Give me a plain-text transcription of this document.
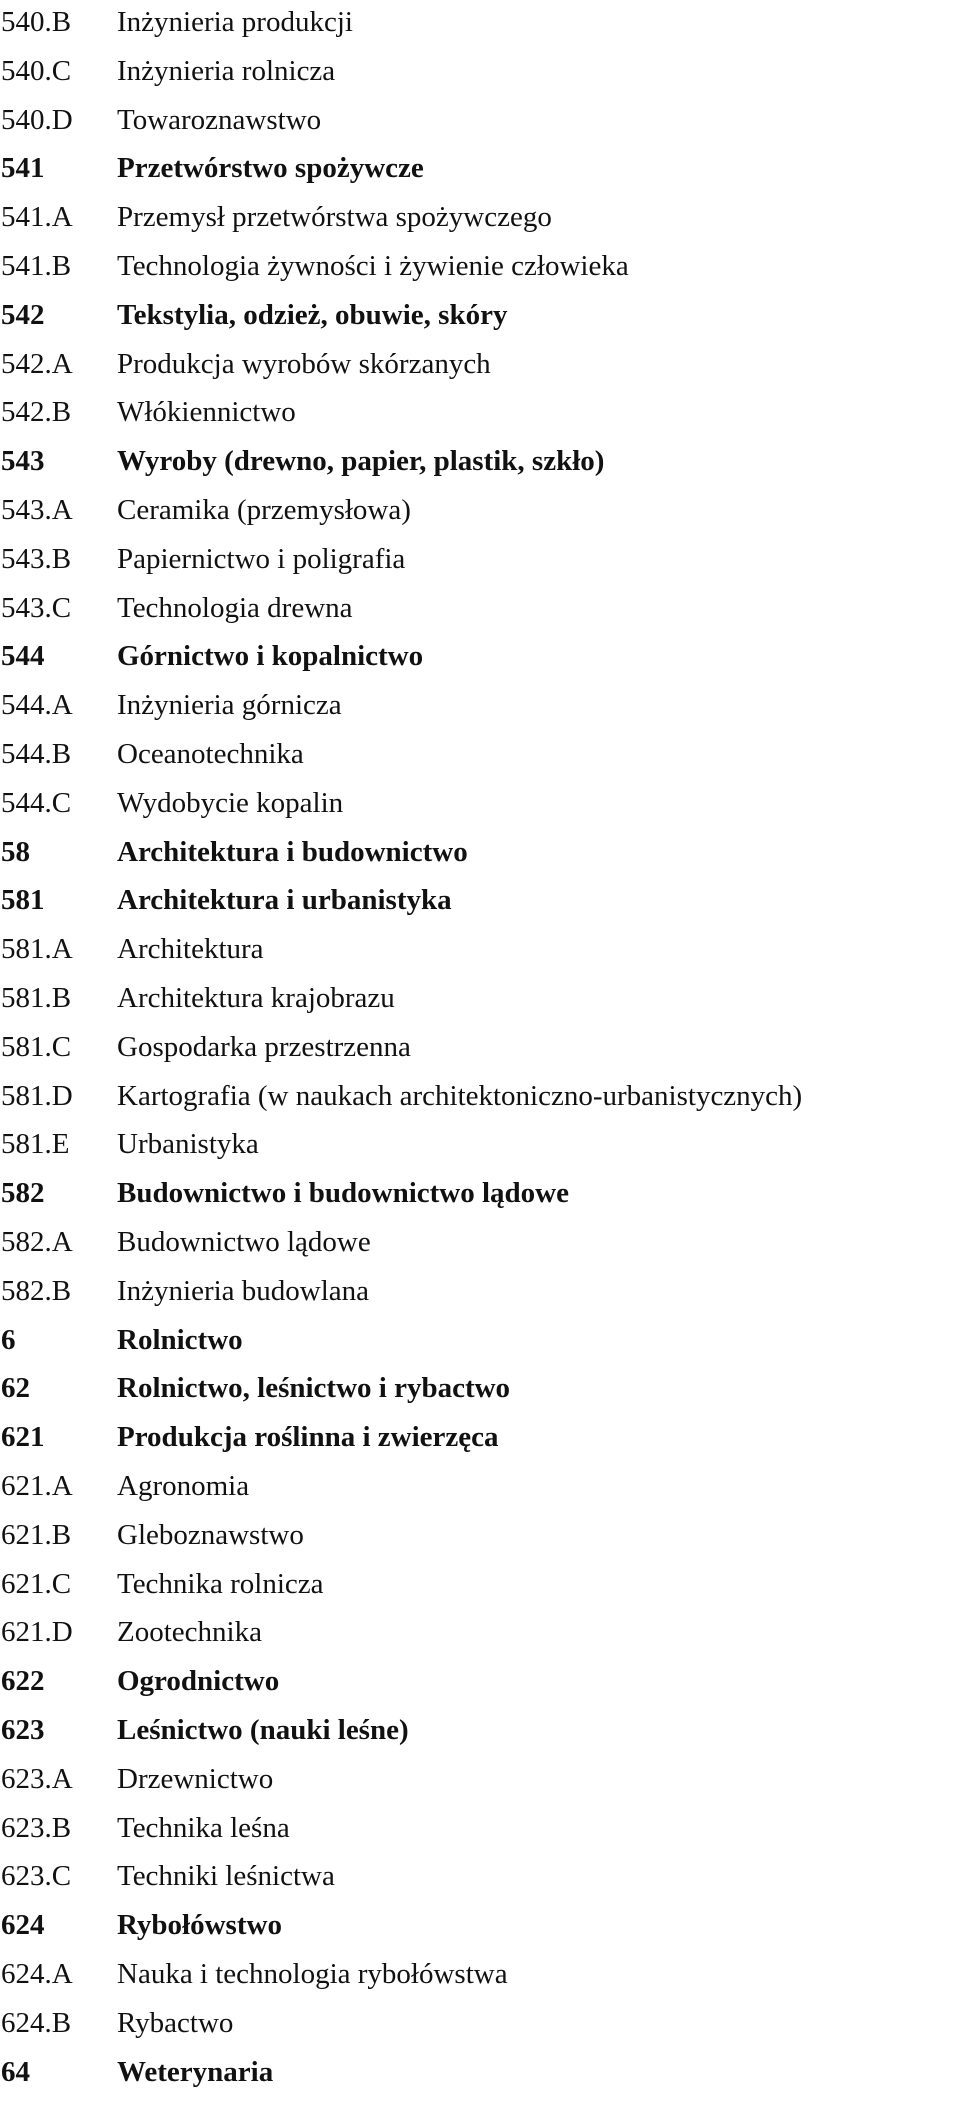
540.B Inżynieria produkcji
540.C Inżynieria rolnicza
540.D Towaroznawstwo
541	Przetwórstwo spożywcze
541.A Przemysł przetwórstwa spożywczego
541.B Technologia żywności i żywienie człowieka
542	Tekstylia, odzież, obuwie, skóry
542.A Produkcja wyrobów skórzanych
542.B Włókiennictwo
543	Wyroby (drewno, papier, plastik, szkło)
543.A Ceramika (przemysłowa)
543.B Papiernictwo i poligrafia
543.C Technologia drewna
544	Górnictwo i kopalnictwo
544.A Inżynieria górnicza
544.B Oceanotechnika
544.C Wydobycie kopalin
58	Architektura i budownictwo
581	Architektura i urbanistyka
581.A Architektura
581.B Architektura krajobrazu
581.C Gospodarka przestrzenna
581.D Kartografia (w naukach architektoniczno-urbanistycznych)
581.E Urbanistyka
582	Budownictwo i budownictwo lądowe
582.A Budownictwo lądowe
582.B Inżynieria budowlana
6	Rolnictwo
62	Rolnictwo, leśnictwo i rybactwo
621	Produkcja roślinna i zwierzęca
621.A Agronomia
621.B Gleboznawstwo
621.C Technika rolnicza
621.D Zootechnika
622	Ogrodnictwo
623	Leśnictwo (nauki leśne)
623.A Drzewnictwo
623.B Technika leśna
623.C Techniki leśnictwa
624	Rybołówstwo
624.A Nauka i technologia rybołówstwa
624.B Rybactwo
64	Weterynaria
